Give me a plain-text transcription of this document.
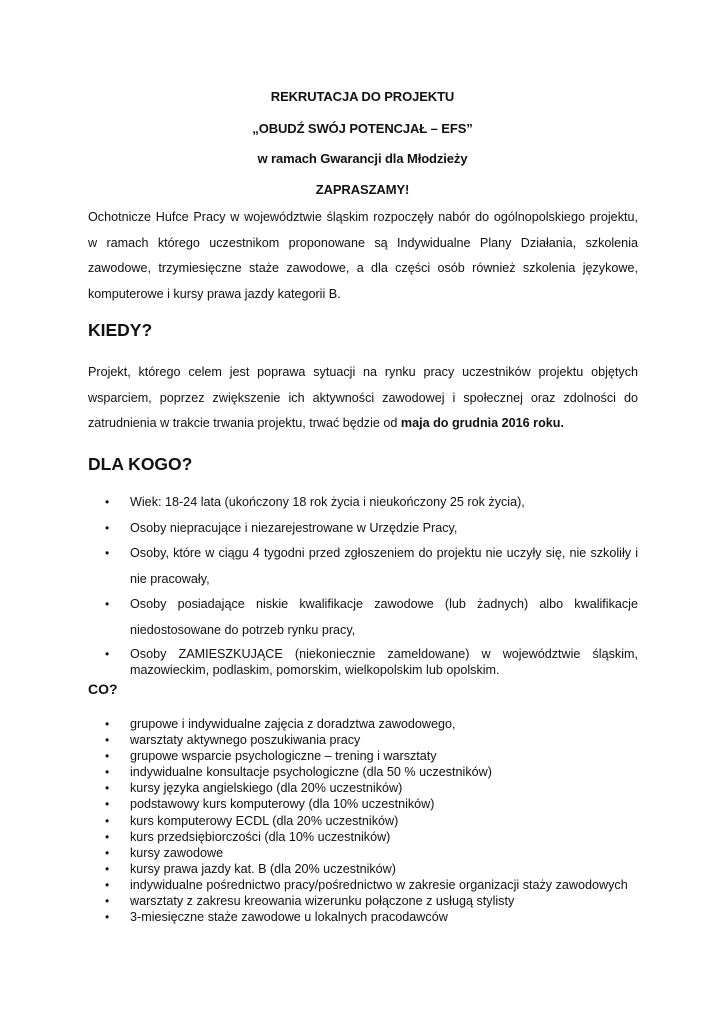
REKRUTACJA DO PROJEKTU
„OBUDŹ SWÓJ POTENCJAŁ – EFS”
w ramach Gwarancji dla Młodzieży
ZAPRASZAMY!

Ochotnicze Hufce Pracy w województwie śląskim rozpoczęły nabór do ogólnopolskiego projektu, w ramach którego uczestnikom proponowane są Indywidualne Plany Działania, szkolenia zawodowe, trzymiesięczne staże zawodowe, a dla części osób również szkolenia językowe, komputerowe i kursy prawa jazdy kategorii B.

KIEDY?

Projekt, którego celem jest poprawa sytuacji na rynku pracy uczestników projektu objętych wsparciem, poprzez zwiększenie ich aktywności zawodowej i społecznej oraz zdolności do zatrudnienia w trakcie trwania projektu, trwać będzie od maja do grudnia 2016 roku.

DLA KOGO?
• Wiek: 18-24 lata (ukończony 18 rok życia i nieukończony 25 rok życia),
• Osoby niepracujące i niezarejestrowane w Urzędzie Pracy,
• Osoby, które w ciągu 4 tygodni przed zgłoszeniem do projektu nie uczyły się, nie szkoliły i nie pracowały,
• Osoby posiadające niskie kwalifikacje zawodowe (lub żadnych) albo kwalifikacje niedostosowane do potrzeb rynku pracy,
• Osoby ZAMIESZKUJĄCE (niekoniecznie zameldowane) w województwie śląskim,
mazowieckim, podlaskim, pomorskim, wielkopolskim lub opolskim.
CO?
• grupowe i indywidualne zajęcia z doradztwa zawodowego,
• warsztaty aktywnego poszukiwania pracy
• grupowe wsparcie psychologiczne – trening i warsztaty
• indywidualne konsultacje psychologiczne (dla 50 % uczestników)
• kursy języka angielskiego (dla 20% uczestników)
• podstawowy kurs komputerowy (dla 10% uczestników)
• kurs komputerowy ECDL (dla 20% uczestników)
• kurs przedsiębiorczości (dla 10% uczestników)
• kursy zawodowe
• kursy prawa jazdy kat. B (dla 20% uczestników)
• indywidualne pośrednictwo pracy/pośrednictwo w zakresie organizacji staży zawodowych
• warsztaty z zakresu kreowania wizerunku połączone z usługą stylisty
• 3-miesięczne staże zawodowe u lokalnych pracodawców
